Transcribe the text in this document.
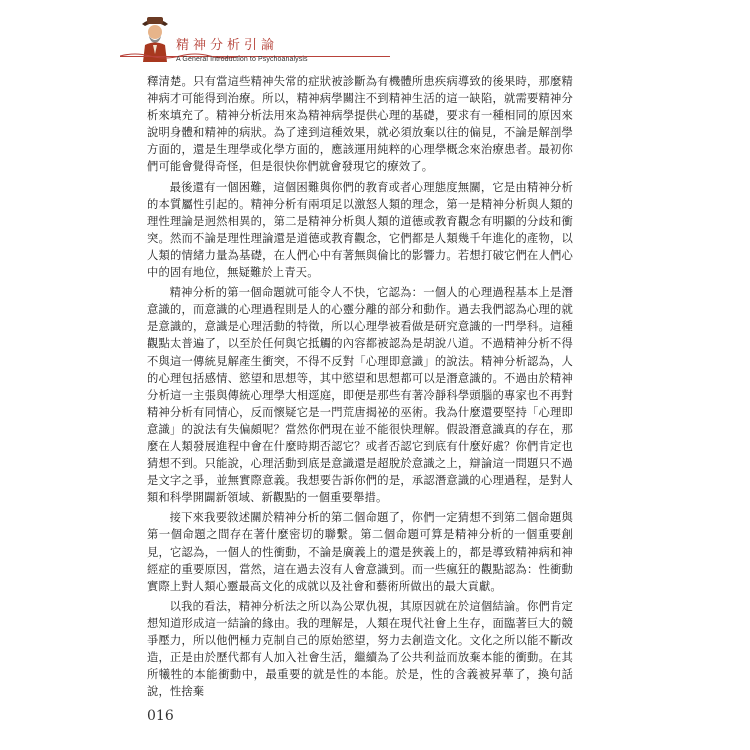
精神分析引論
A General Introduction to Psychoanalysis

釋清楚。只有當這些精神失常的症狀被診斷為有機體所患疾病導致的後果時，那麼精神病才可能得到治療。所以，精神病學關注不到精神生活的這一缺陷，就需要精神分析來填充了。精神分析法用來為精神病學提供心理的基礎，要求有一種相同的原因來說明身體和精神的病狀。為了達到這種效果，就必須放棄以往的偏見，不論是解剖學方面的，還是生理學或化學方面的，應該運用純粹的心理學概念來治療患者。最初你們可能會覺得奇怪，但是很快你們就會發現它的療效了。

最後還有一個困難，這個困難與你們的教育或者心理態度無關，它是由精神分析的本質屬性引起的。精神分析有兩項足以激怒人類的理念，第一是精神分析與人類的理性理論是迥然相異的，第二是精神分析與人類的道德或教育觀念有明顯的分歧和衝突。然而不論是理性理論還是道德或教育觀念，它們都是人類幾千年進化的產物，以人類的情緒力量為基礎，在人們心中有著無與倫比的影響力。若想打破它們在人們心中的固有地位，無疑難於上青天。

精神分析的第一個命題就可能令人不快，它認為：一個人的心理過程基本上是潛意識的，而意識的心理過程則是人的心靈分離的部分和動作。過去我們認為心理的就是意識的，意識是心理活動的特徵，所以心理學被看做是研究意識的一門學科。這種觀點太普遍了，以至於任何與它抵觸的內容都被認為是胡說八道。不過精神分析不得不與這一傳統見解產生衝突，不得不反對「心理即意識」的說法。精神分析認為，人的心理包括感情、慾望和思想等，其中慾望和思想都可以是潛意識的。不過由於精神分析這一主張與傳統心理學大相逕庭，即便是那些有著冷靜科學頭腦的專家也不再對精神分析有同情心，反而懷疑它是一門荒唐揭祕的巫術。我為什麼還要堅持「心理即意識」的說法有失偏頗呢？當然你們現在並不能很快理解。假設潛意識真的存在，那麼在人類發展進程中會在什麼時期否認它？或者否認它到底有什麼好處？你們肯定也猜想不到。只能說，心理活動到底是意識還是超脫於意識之上，辯論這一問題只不過是文字之爭，並無實際意義。我想要告訴你們的是，承認潛意識的心理過程，是對人類和科學開闢新領域、新觀點的一個重要舉措。

接下來我要敘述關於精神分析的第二個命題了，你們一定猜想不到第二個命題與第一個命題之間存在著什麼密切的聯繫。第二個命題可算是精神分析的一個重要創見，它認為，一個人的性衝動，不論是廣義上的還是狹義上的，都是導致精神病和神經症的重要原因，當然，這在過去沒有人會意識到。而一些瘋狂的觀點認為：性衝動實際上對人類心靈最高文化的成就以及社會和藝術所做出的最大貢獻。

以我的看法，精神分析法之所以為公眾仇視，其原因就在於這個結論。你們肯定想知道形成這一結論的緣由。我的理解是，人類在現代社會上生存，面臨著巨大的競爭壓力，所以他們極力克制自己的原始慾望，努力去創造文化。文化之所以能不斷改造，正是由於歷代都有人加入社會生活，繼續為了公共利益而放棄本能的衝動。在其所犧牲的本能衝動中，最重要的就是性的本能。於是，性的含義被昇華了，換句話說，性捨棄

016
